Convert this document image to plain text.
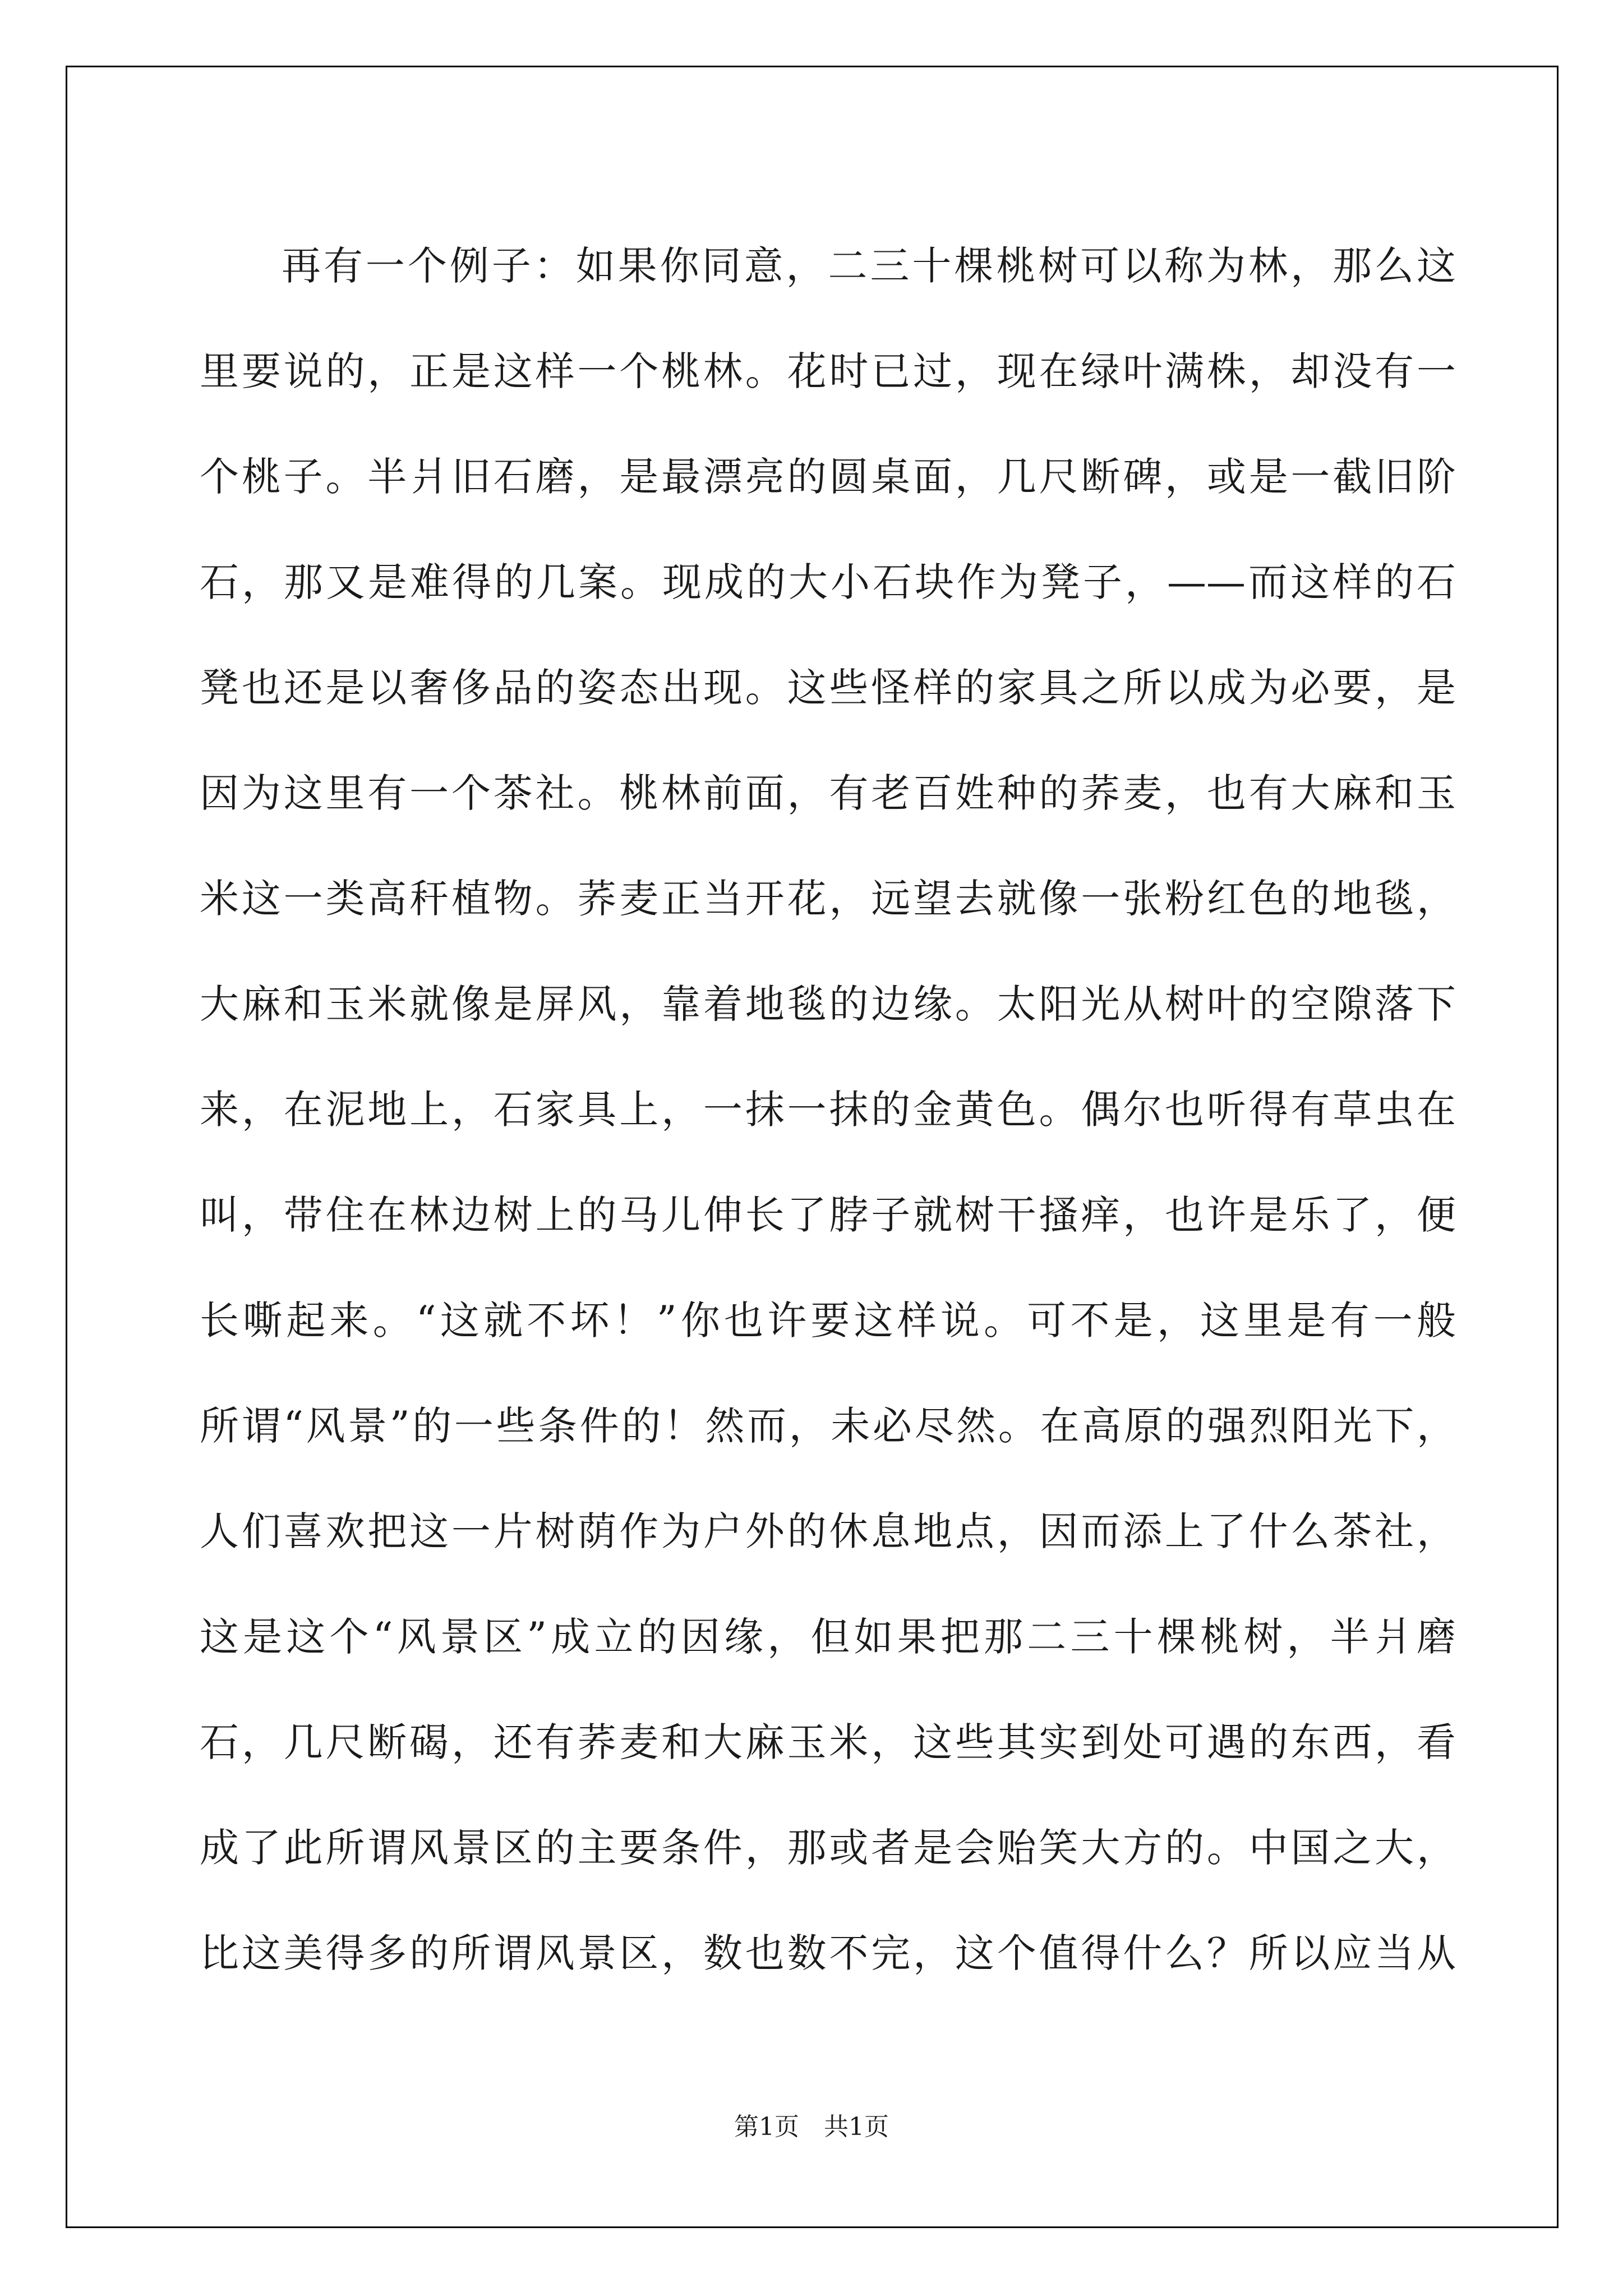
再有一个例子：如果你同意，二三十棵桃树可以称为林，那么这
里要说的，正是这样一个桃林。花时已过，现在绿叶满株，却没有一
个桃子。半爿旧石磨，是最漂亮的圆桌面，几尺断碑，或是一截旧阶
石，那又是难得的几案。现成的大小石块作为凳子，——而这样的石
凳也还是以奢侈品的姿态出现。这些怪样的家具之所以成为必要，是
因为这里有一个茶社。桃林前面，有老百姓种的荞麦，也有大麻和玉
米这一类高秆植物。荞麦正当开花，远望去就像一张粉红色的地毯，
大麻和玉米就像是屏风，靠着地毯的边缘。太阳光从树叶的空隙落下
来，在泥地上，石家具上，一抹一抹的金黄色。偶尔也听得有草虫在
叫，带住在林边树上的马儿伸长了脖子就树干搔痒，也许是乐了，便
长嘶起来。“这就不坏！”你也许要这样说。可不是，这里是有一般
所谓“风景”的一些条件的！然而，未必尽然。在高原的强烈阳光下，
人们喜欢把这一片树荫作为户外的休息地点，因而添上了什么茶社，
这是这个“风景区”成立的因缘，但如果把那二三十棵桃树，半爿磨
石，几尺断碣，还有荞麦和大麻玉米，这些其实到处可遇的东西，看
成了此所谓风景区的主要条件，那或者是会贻笑大方的。中国之大，
比这美得多的所谓风景区，数也数不完，这个值得什么？所以应当从
第1页　共1页
